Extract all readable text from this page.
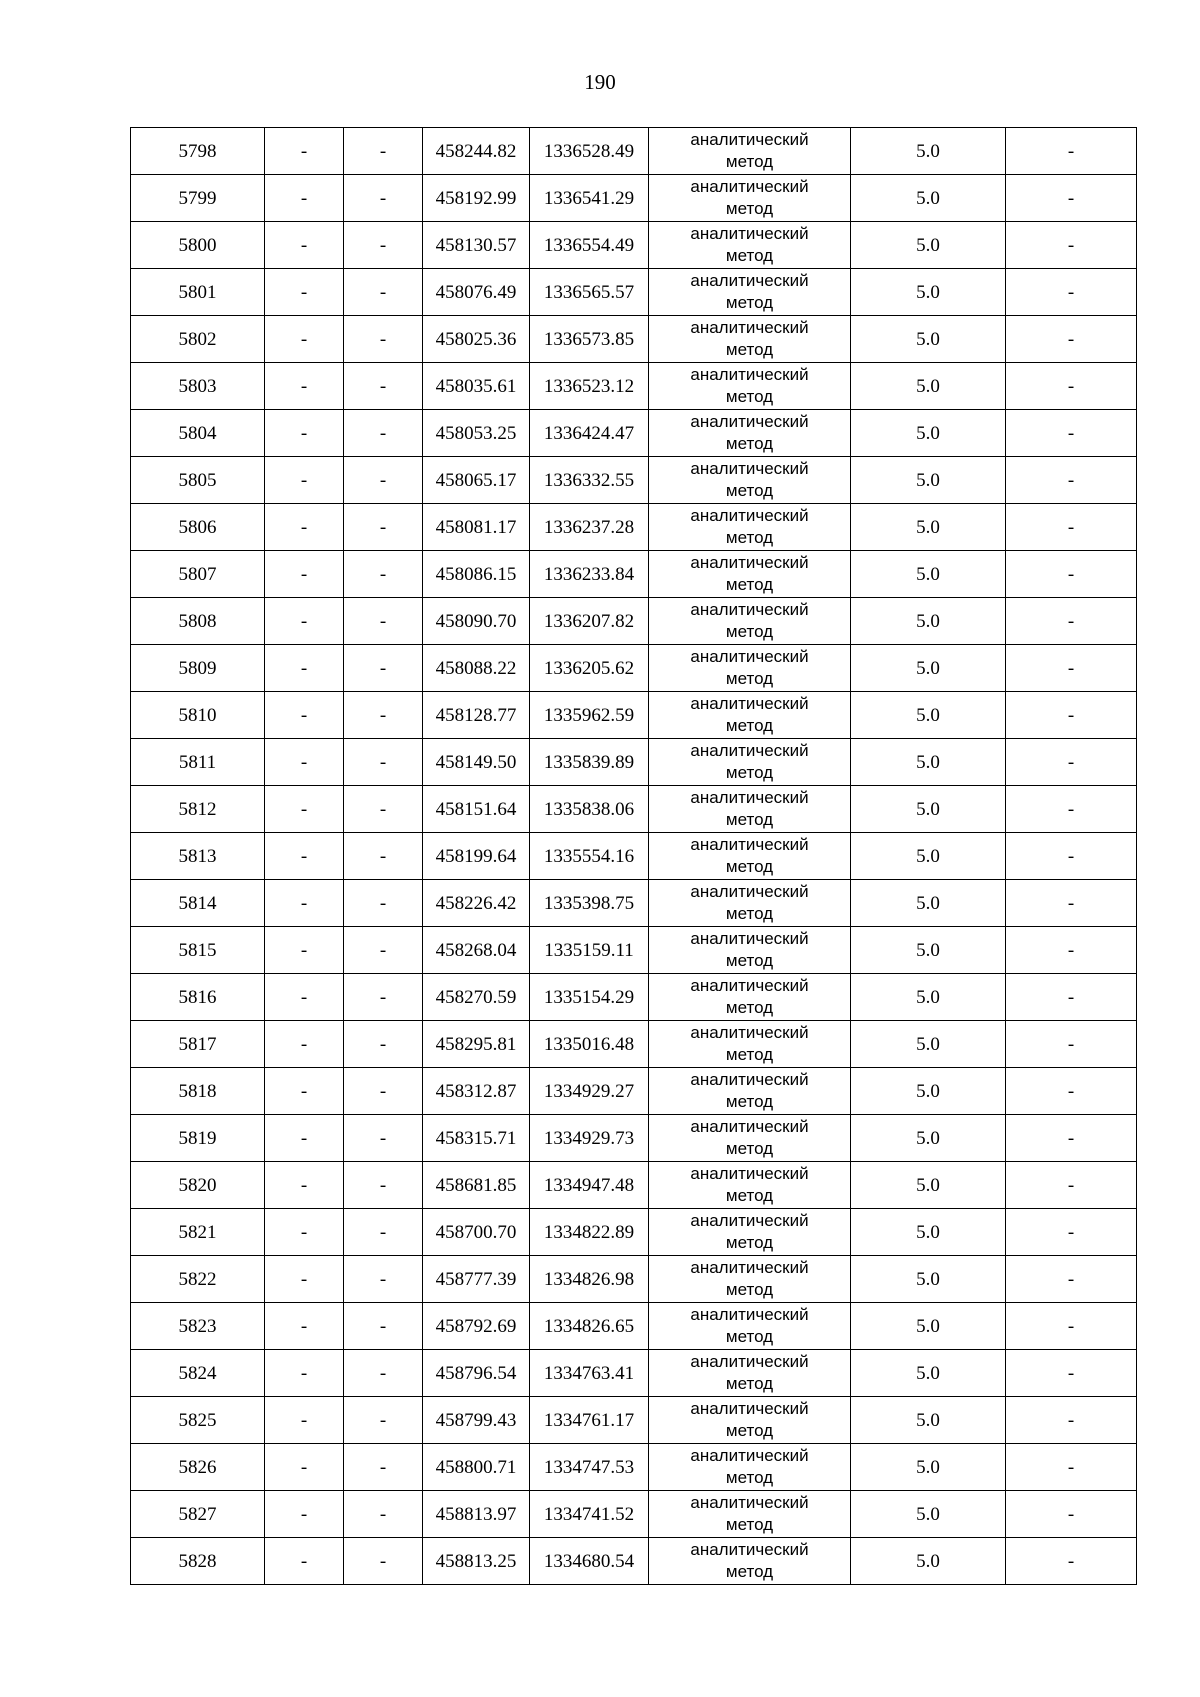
190
5798	-	-	458244.82	1336528.49	аналитический
метод	5.0	-
5799	-	-	458192.99	1336541.29	аналитический
метод	5.0	-
5800	-	-	458130.57	1336554.49	аналитический
метод	5.0	-
5801	-	-	458076.49	1336565.57	аналитический
метод	5.0	-
5802	-	-	458025.36	1336573.85	аналитический
метод	5.0	-
5803	-	-	458035.61	1336523.12	аналитический
метод	5.0	-
5804	-	-	458053.25	1336424.47	аналитический
метод	5.0	-
5805	-	-	458065.17	1336332.55	аналитический
метод	5.0	-
5806	-	-	458081.17	1336237.28	аналитический
метод	5.0	-
5807	-	-	458086.15	1336233.84	аналитический
метод	5.0	-
5808	-	-	458090.70	1336207.82	аналитический
метод	5.0	-
5809	-	-	458088.22	1336205.62	аналитический
метод	5.0	-
5810	-	-	458128.77	1335962.59	аналитический
метод	5.0	-
5811	-	-	458149.50	1335839.89	аналитический
метод	5.0	-
5812	-	-	458151.64	1335838.06	аналитический
метод	5.0	-
5813	-	-	458199.64	1335554.16	аналитический
метод	5.0	-
5814	-	-	458226.42	1335398.75	аналитический
метод	5.0	-
5815	-	-	458268.04	1335159.11	аналитический
метод	5.0	-
5816	-	-	458270.59	1335154.29	аналитический
метод	5.0	-
5817	-	-	458295.81	1335016.48	аналитический
метод	5.0	-
5818	-	-	458312.87	1334929.27	аналитический
метод	5.0	-
5819	-	-	458315.71	1334929.73	аналитический
метод	5.0	-
5820	-	-	458681.85	1334947.48	аналитический
метод	5.0	-
5821	-	-	458700.70	1334822.89	аналитический
метод	5.0	-
5822	-	-	458777.39	1334826.98	аналитический
метод	5.0	-
5823	-	-	458792.69	1334826.65	аналитический
метод	5.0	-
5824	-	-	458796.54	1334763.41	аналитический
метод	5.0	-
5825	-	-	458799.43	1334761.17	аналитический
метод	5.0	-
5826	-	-	458800.71	1334747.53	аналитический
метод	5.0	-
5827	-	-	458813.97	1334741.52	аналитический
метод	5.0	-
5828	-	-	458813.25	1334680.54	аналитический
метод	5.0	-
